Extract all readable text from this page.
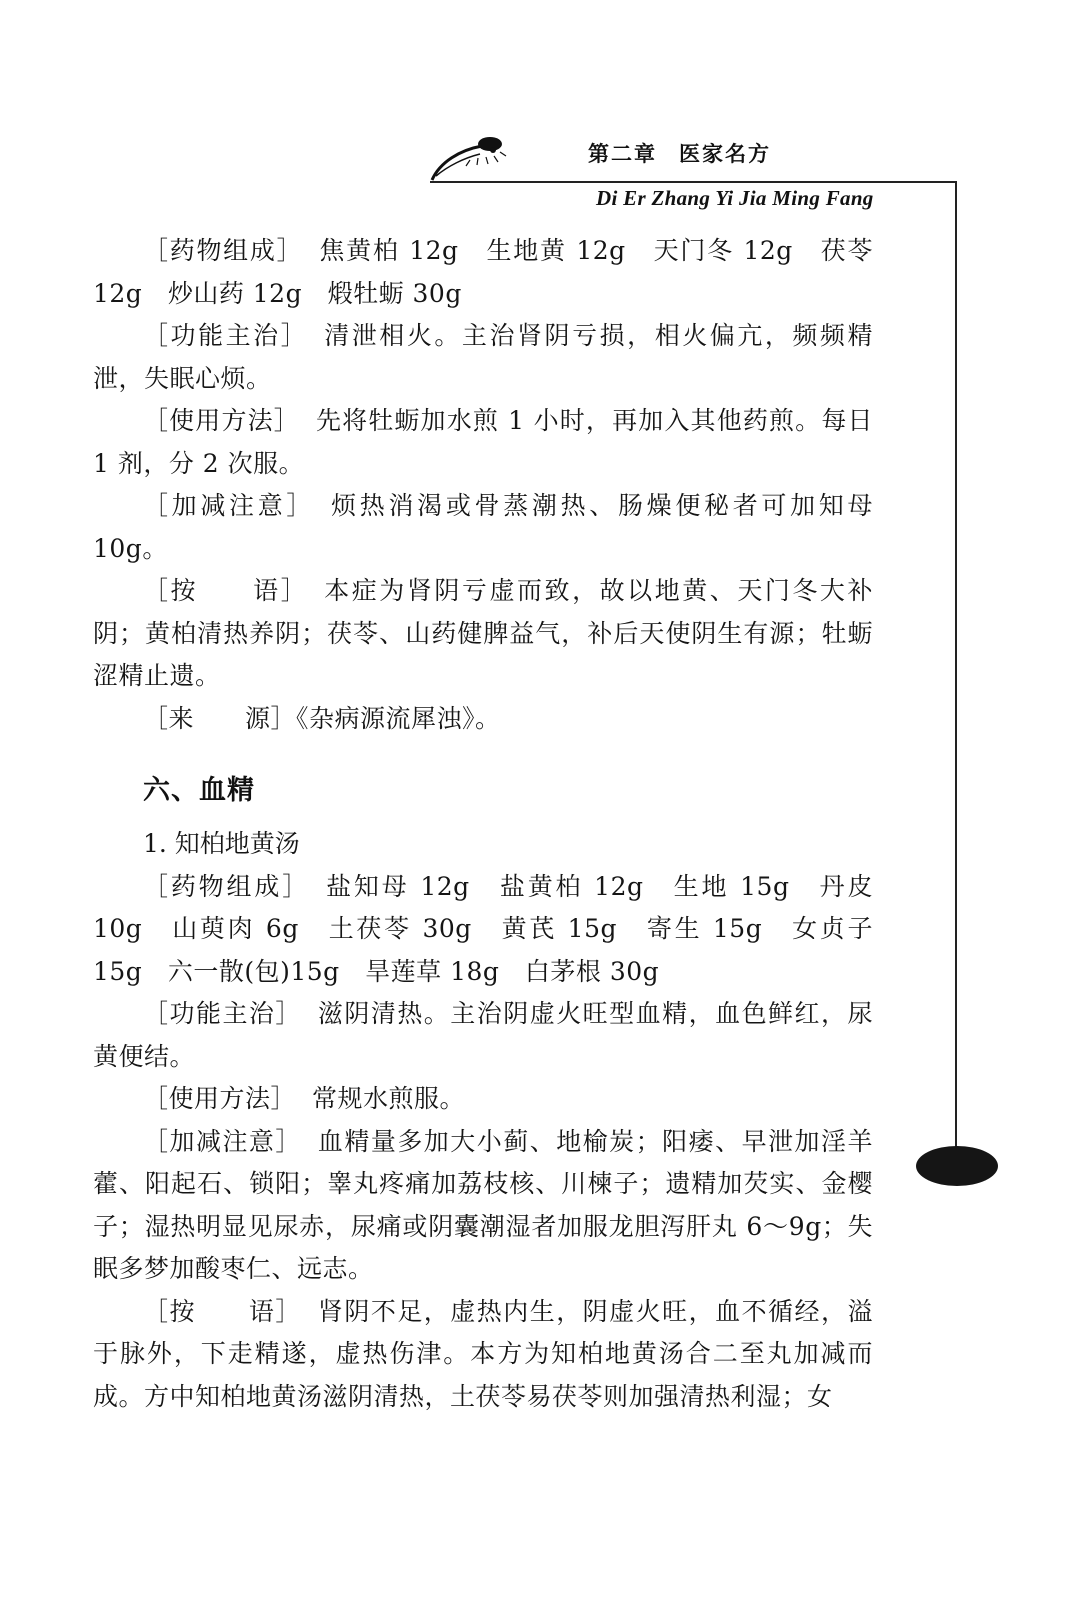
第二章 医家名方
Di Er Zhang Yi Jia Ming Fang

［药物组成］ 焦黄柏 12g　生地黄 12g　天门冬 12g　茯苓 12g　炒山药 12g　煅牡蛎 30g

［功能主治］ 清泄相火。主治肾阴亏损，相火偏亢，频频精泄，失眠心烦。

［使用方法］ 先将牡蛎加水煎 1 小时，再加入其他药煎。每日 1 剂，分 2 次服。

［加减注意］ 烦热消渴或骨蒸潮热、肠燥便秘者可加知母 10g。

［按　　语］ 本症为肾阴亏虚而致，故以地黄、天门冬大补阴；黄柏清热养阴；茯苓、山药健脾益气，补后天使阴生有源；牡蛎涩精止遗。

［来　　源］《杂病源流犀浊》。

六、血精

1. 知柏地黄汤

［药物组成］ 盐知母 12g　盐黄柏 12g　生地 15g　丹皮 10g　山萸肉 6g　土茯苓 30g　黄芪 15g　寄生 15g　女贞子 15g　六一散(包)15g　旱莲草 18g　白茅根 30g

［功能主治］ 滋阴清热。主治阴虚火旺型血精，血色鲜红，尿黄便结。

［使用方法］ 常规水煎服。

［加减注意］ 血精量多加大小蓟、地榆炭；阳痿、早泄加淫羊藿、阳起石、锁阳；睾丸疼痛加荔枝核、川楝子；遗精加芡实、金樱子；湿热明显见尿赤，尿痛或阴囊潮湿者加服龙胆泻肝丸 6～9g；失眠多梦加酸枣仁、远志。

［按　　语］ 肾阴不足，虚热内生，阴虚火旺，血不循经，溢于脉外，下走精遂，虚热伤津。本方为知柏地黄汤合二至丸加减而成。方中知柏地黄汤滋阴清热，土茯苓易茯苓则加强清热利湿；女
